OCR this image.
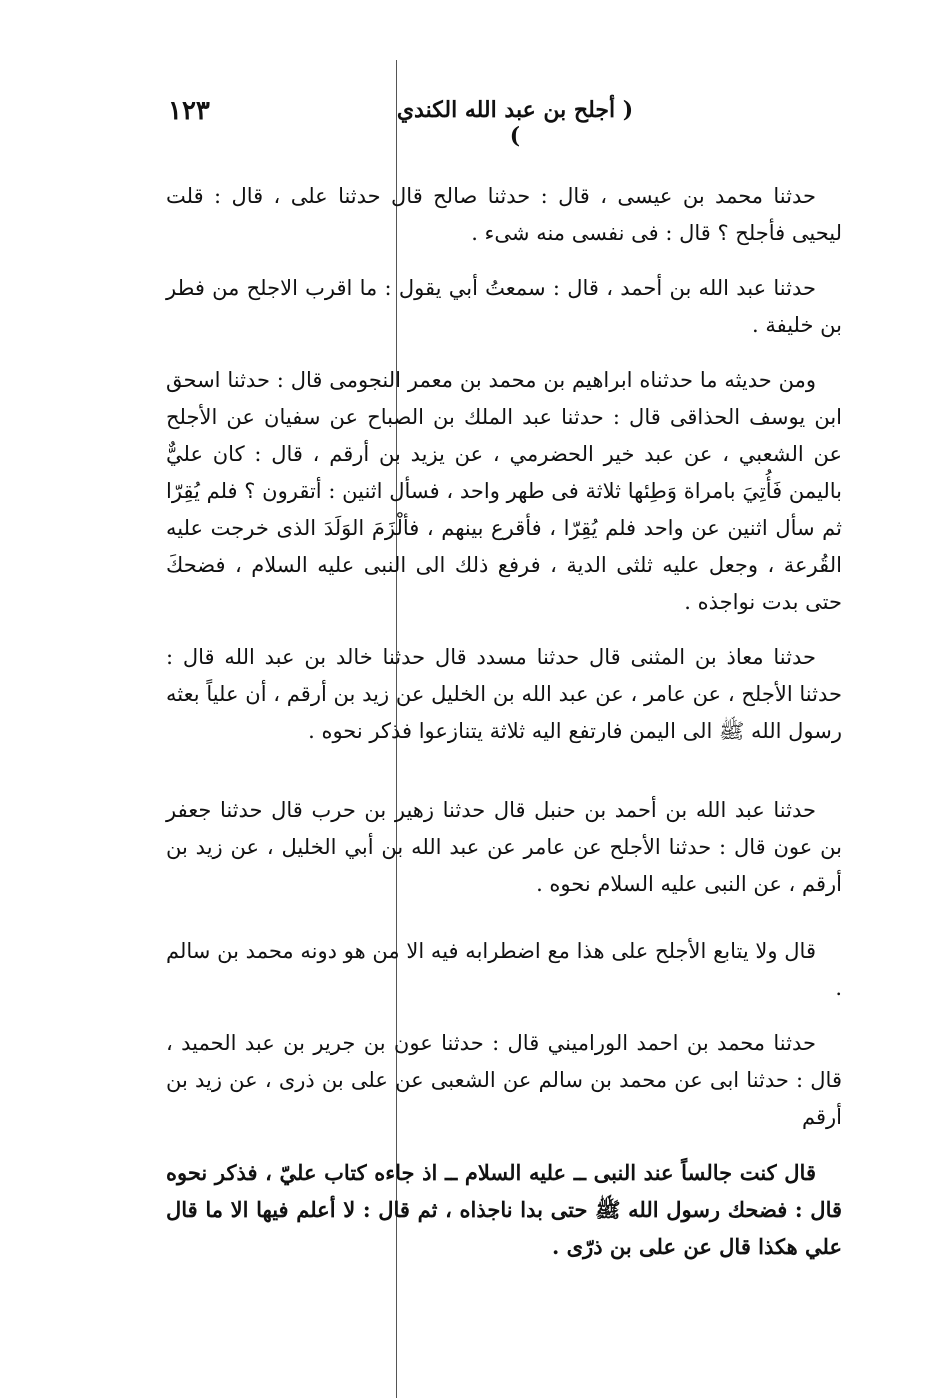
١٢٣	( أجلح بن عبد الله الكندي )

حدثنا محمد بن عيسى ، قال : حدثنا صالح قال حدثنا على ، قال : قلت ليحيى فأجلح ؟ قال : فى نفسى منه شىء .

حدثنا عبد الله بن أحمد ، قال : سمعتُ أبي يقول : ما اقرب الاجلح من فطر بن خليفة .

ومن حديثه ما حدثناه ابراهيم بن محمد بن معمر النجومى قال : حدثنا اسحق ابن يوسف الحذاقى قال : حدثنا عبد الملك بن الصباح عن سفيان عن الأجلح عن الشعبي ، عن عبد خير الحضرمي ، عن يزيد بن أرقم ، قال : كان عليٌّ باليمن فَأُتِيَ بامراة وَطِئها ثلاثة فى طهر واحد ، فسأل اثنين : أتقرون ؟ فلم يُقِرّا ثم سأل اثنين عن واحد فلم يُقِرّا ، فأقرع بينهم ، فألْزَمَ الوَلَدَ الذى خرجت عليه القُرعة ، وجعل عليه ثلثى الدية ، فرفع ذلك الى النبى عليه السلام ، فضحكَ حتى بدت نواجذه .

حدثنا معاذ بن المثنى قال حدثنا مسدد قال حدثنا خالد بن عبد الله قال : حدثنا الأجلح ، عن عامر ، عن عبد الله بن الخليل عن زيد بن أرقم ، أن علياً بعثه رسول الله ﷺ الى اليمن فارتفع اليه ثلاثة يتنازعوا فذكر نحوه .

حدثنا عبد الله بن أحمد بن حنبل قال حدثنا زهير بن حرب قال حدثنا جعفر بن عون قال : حدثنا الأجلح عن عامر عن عبد الله بن أبي الخليل ، عن زيد بن أرقم ، عن النبى عليه السلام نحوه .

قال ولا يتابع الأجلح على هذا مع اضطرابه فيه الا من هو دونه محمد بن سالم .

حدثنا محمد بن احمد الوراميني قال : حدثنا عون بن جرير بن عبد الحميد ، قال : حدثنا ابى عن محمد بن سالم عن الشعبى عن على بن ذرى ، عن زيد بن أرقم

قال كنت جالساً عند النبى ــ عليه السلام ــ اذ جاءه كتاب عليّ ، فذكر نحوه قال : فضحك رسول الله ﷺ حتى بدا ناجذاه ، ثم قال : لا أعلم فيها الا ما قال علي هكذا قال عن على بن ذرّى .
